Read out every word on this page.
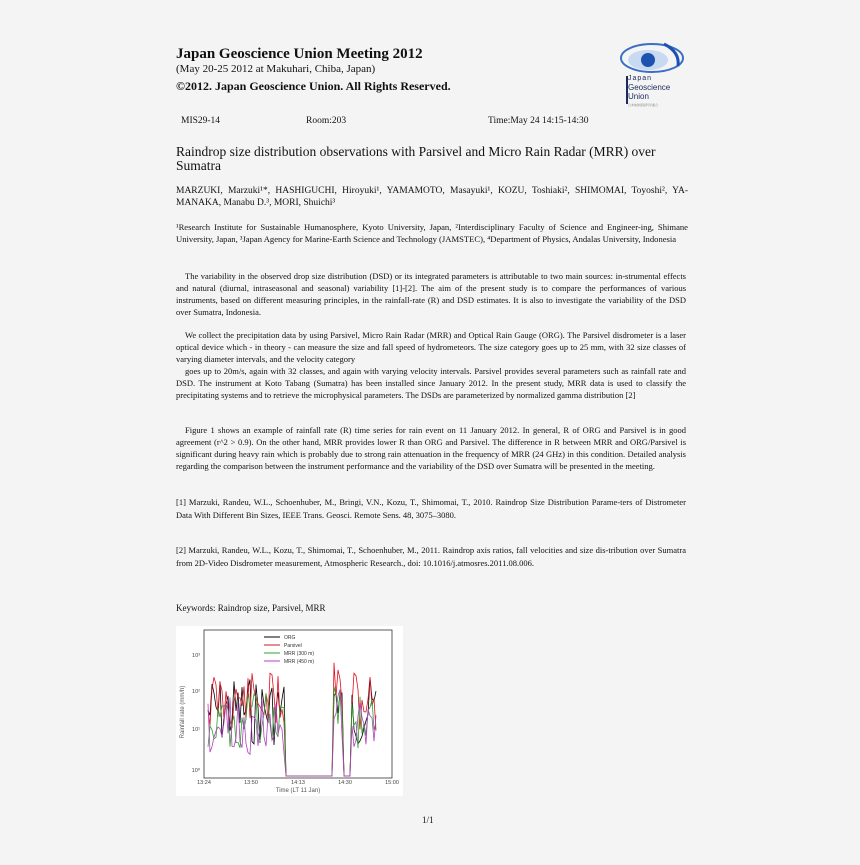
Japan Geoscience Union Meeting 2012
(May 20-25 2012 at Makuhari, Chiba, Japan)
©2012. Japan Geoscience Union. All Rights Reserved.
Japan
Geoscience
Union
日本地球惑星科学連合
MIS29-14	Room:203	Time:May 24 14:15-14:30
Raindrop size distribution observations with Parsivel and Micro Rain Radar (MRR) over Sumatra
MARZUKI, Marzuki¹*, HASHIGUCHI, Hiroyuki¹, YAMAMOTO, Masayuki¹, KOZU, Toshiaki², SHIMOMAI, Toyoshi², YA-MANAKA, Manabu D.³, MORI, Shuichi³
¹Research Institute for Sustainable Humanosphere, Kyoto University, Japan, ²Interdisciplinary Faculty of Science and Engineer-ing, Shimane University, Japan, ³Japan Agency for Marine-Earth Science and Technology (JAMSTEC), ⁴Department of Physics, Andalas University, Indonesia
The variability in the observed drop size distribution (DSD) or its integrated parameters is attributable to two main sources: in-strumental effects and natural (diurnal, intraseasonal and seasonal) variability [1]-[2]. The aim of the present study is to compare the performances of various instruments, based on different measuring principles, in the rainfall-rate (R) and DSD estimates. It is also to investigate the variability of the DSD over Sumatra, Indonesia.
We collect the precipitation data by using Parsivel, Micro Rain Radar (MRR) and Optical Rain Gauge (ORG). The Parsivel disdrometer is a laser optical device which - in theory - can measure the size and fall speed of hydrometeors. The size category goes up to 25 mm, with 32 size classes of varying diameter intervals, and the velocity category
goes up to 20m/s, again with 32 classes, and again with varying velocity intervals. Parsivel provides several parameters such as rainfall rate and DSD. The instrument at Koto Tabang (Sumatra) has been installed since January 2012. In the present study, MRR data is used to classify the precipitating systems and to retrieve the microphysical parameters. The DSDs are parameterized by normalized gamma distribution [2]
Figure 1 shows an example of rainfall rate (R) time series for rain event on 11 January 2012. In general, R of ORG and Parsivel is in good agreement (r^2 > 0.9). On the other hand, MRR provides lower R than ORG and Parsivel. The difference in R between MRR and ORG/Parsivel is significant during heavy rain which is probably due to strong rain attenuation in the frequency of MRR (24 GHz) in this condition. Detailed analysis regarding the comparison between the instrument performance and the variability of the DSD over Sumatra will be presented in the meeting.
[1] Marzuki, Randeu, W.L., Schoenhuber, M., Bringi, V.N., Kozu, T., Shimomai, T., 2010. Raindrop Size Distribution Parame-ters of Distrometer Data With Different Bin Sizes, IEEE Trans. Geosci. Remote Sens. 48, 3075–3080.
[2] Marzuki, Randeu, W.L., Kozu, T., Shimomai, T., Schoenhuber, M., 2011. Raindrop axis ratios, fall velocities and size dis-tribution over Sumatra from 2D-Video Disdrometer measurement, Atmospheric Research., doi: 10.1016/j.atmosres.2011.08.006.
Keywords: Raindrop size, Parsivel, MRR
Rainfall rate (mm/h)
Time (LT 11 Jan)
10³
10²
10¹
10⁰
13:24	13:50	14:13	14:30	15:00
ORG
Parsivel
MRR (300 m)
MRR (450 m)
1/1
